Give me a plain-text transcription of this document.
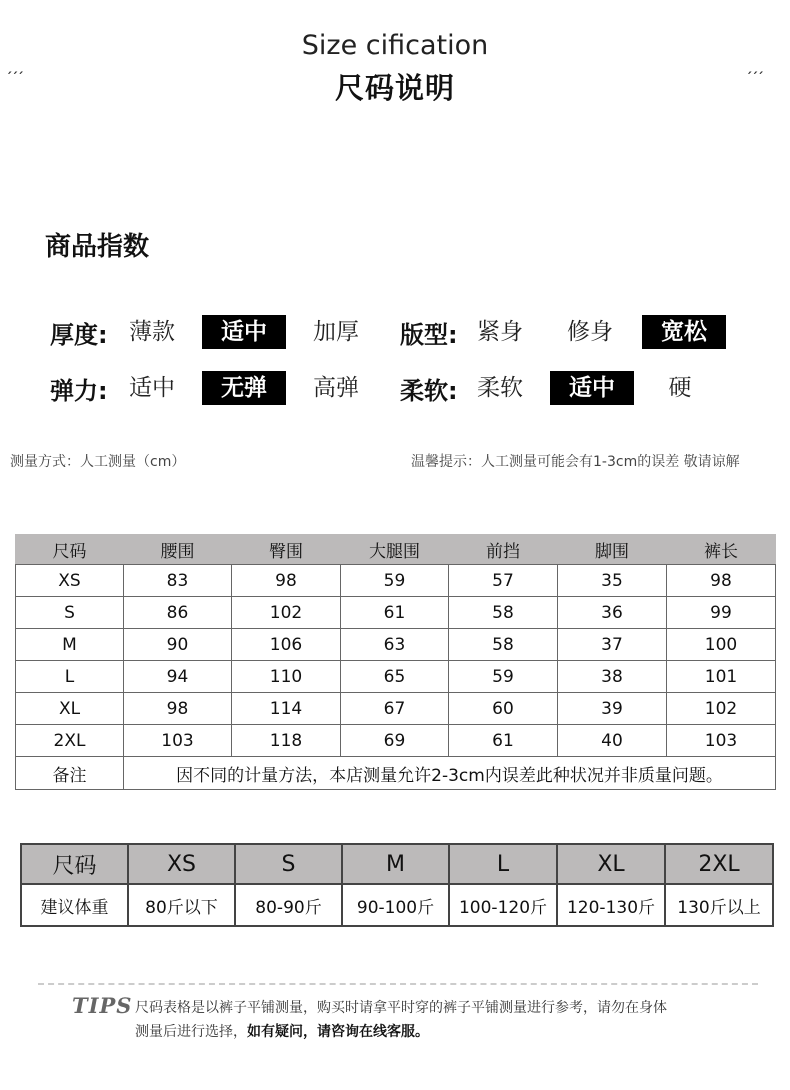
Size cification
尺码说明
′′′	′′′
商品指数
厚度: 薄款	适中	加厚 版型: 紧身 修身	宽松
弹力: 适中	无弹	高弹 柔软: 柔软	适中	硬
测量方式：人工测量（cm）	温馨提示：人工测量可能会有1-3cm的误差 敬请谅解
尺码	腰围	臀围	大腿围	前挡	脚围	裤长
XS	83	98	59	57	35	98
S	86	102	61	58	36	99
M	90	106	63	58	37	100
L	94	110	65	59	38	101
XL	98	114	67	60	39	102
2XL	103	118	69	61	40	103
备注	因不同的计量方法，本店测量允许2-3cm内误差此种状况并非质量问题。					
尺码	XS	S	M	L	XL	2XL
建议体重	80斤以下	80-90斤	90-100斤	100-120斤	120-130斤	130斤以上
TIPS 尺码表格是以裤子平铺测量，购买时请拿平时穿的裤子平铺测量进行参考，请勿在身体
测量后进行选择，如有疑问，请咨询在线客服。
